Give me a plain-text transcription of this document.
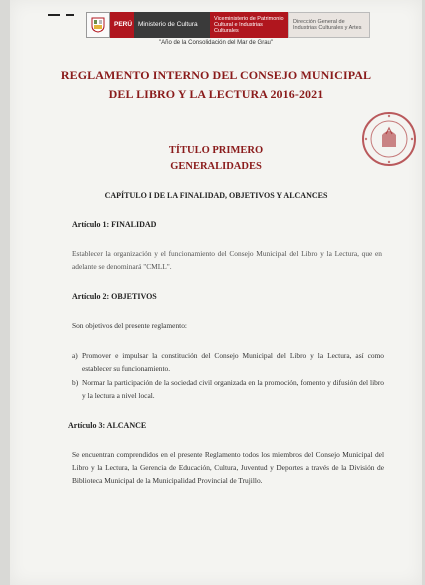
PERÚ Ministerio de Cultura
Viceministerio de Patrimonio Cultural e Industrias Culturales
Dirección General de Industrias Culturales y Artes
"Año de la Consolidación del Mar de Grau"
REGLAMENTO INTERNO DEL CONSEJO MUNICIPAL
DEL LIBRO Y LA LECTURA 2016-2021
TÍTULO PRIMERO
GENERALIDADES
CAPÍTULO I DE LA FINALIDAD, OBJETIVOS Y ALCANCES
Artículo 1: FINALIDAD
Establecer la organización y el funcionamiento del Consejo Municipal del Libro y la Lectura, que en adelante se denominará "CMLL".
Artículo 2: OBJETIVOS
Son objetivos del presente reglamento:
a) Promover e impulsar la constitución del Consejo Municipal del Libro y la Lectura, así como establecer su funcionamiento.
b) Normar la participación de la sociedad civil organizada en la promoción, fomento y difusión del libro y la lectura a nivel local.
Artículo 3: ALCANCE
Se encuentran comprendidos en el presente Reglamento todos los miembros del Consejo Municipal del Libro y la Lectura, la Gerencia de Educación, Cultura, Juventud y Deportes a través de la División de Biblioteca Municipal de la Municipalidad Provincial de Trujillo.
